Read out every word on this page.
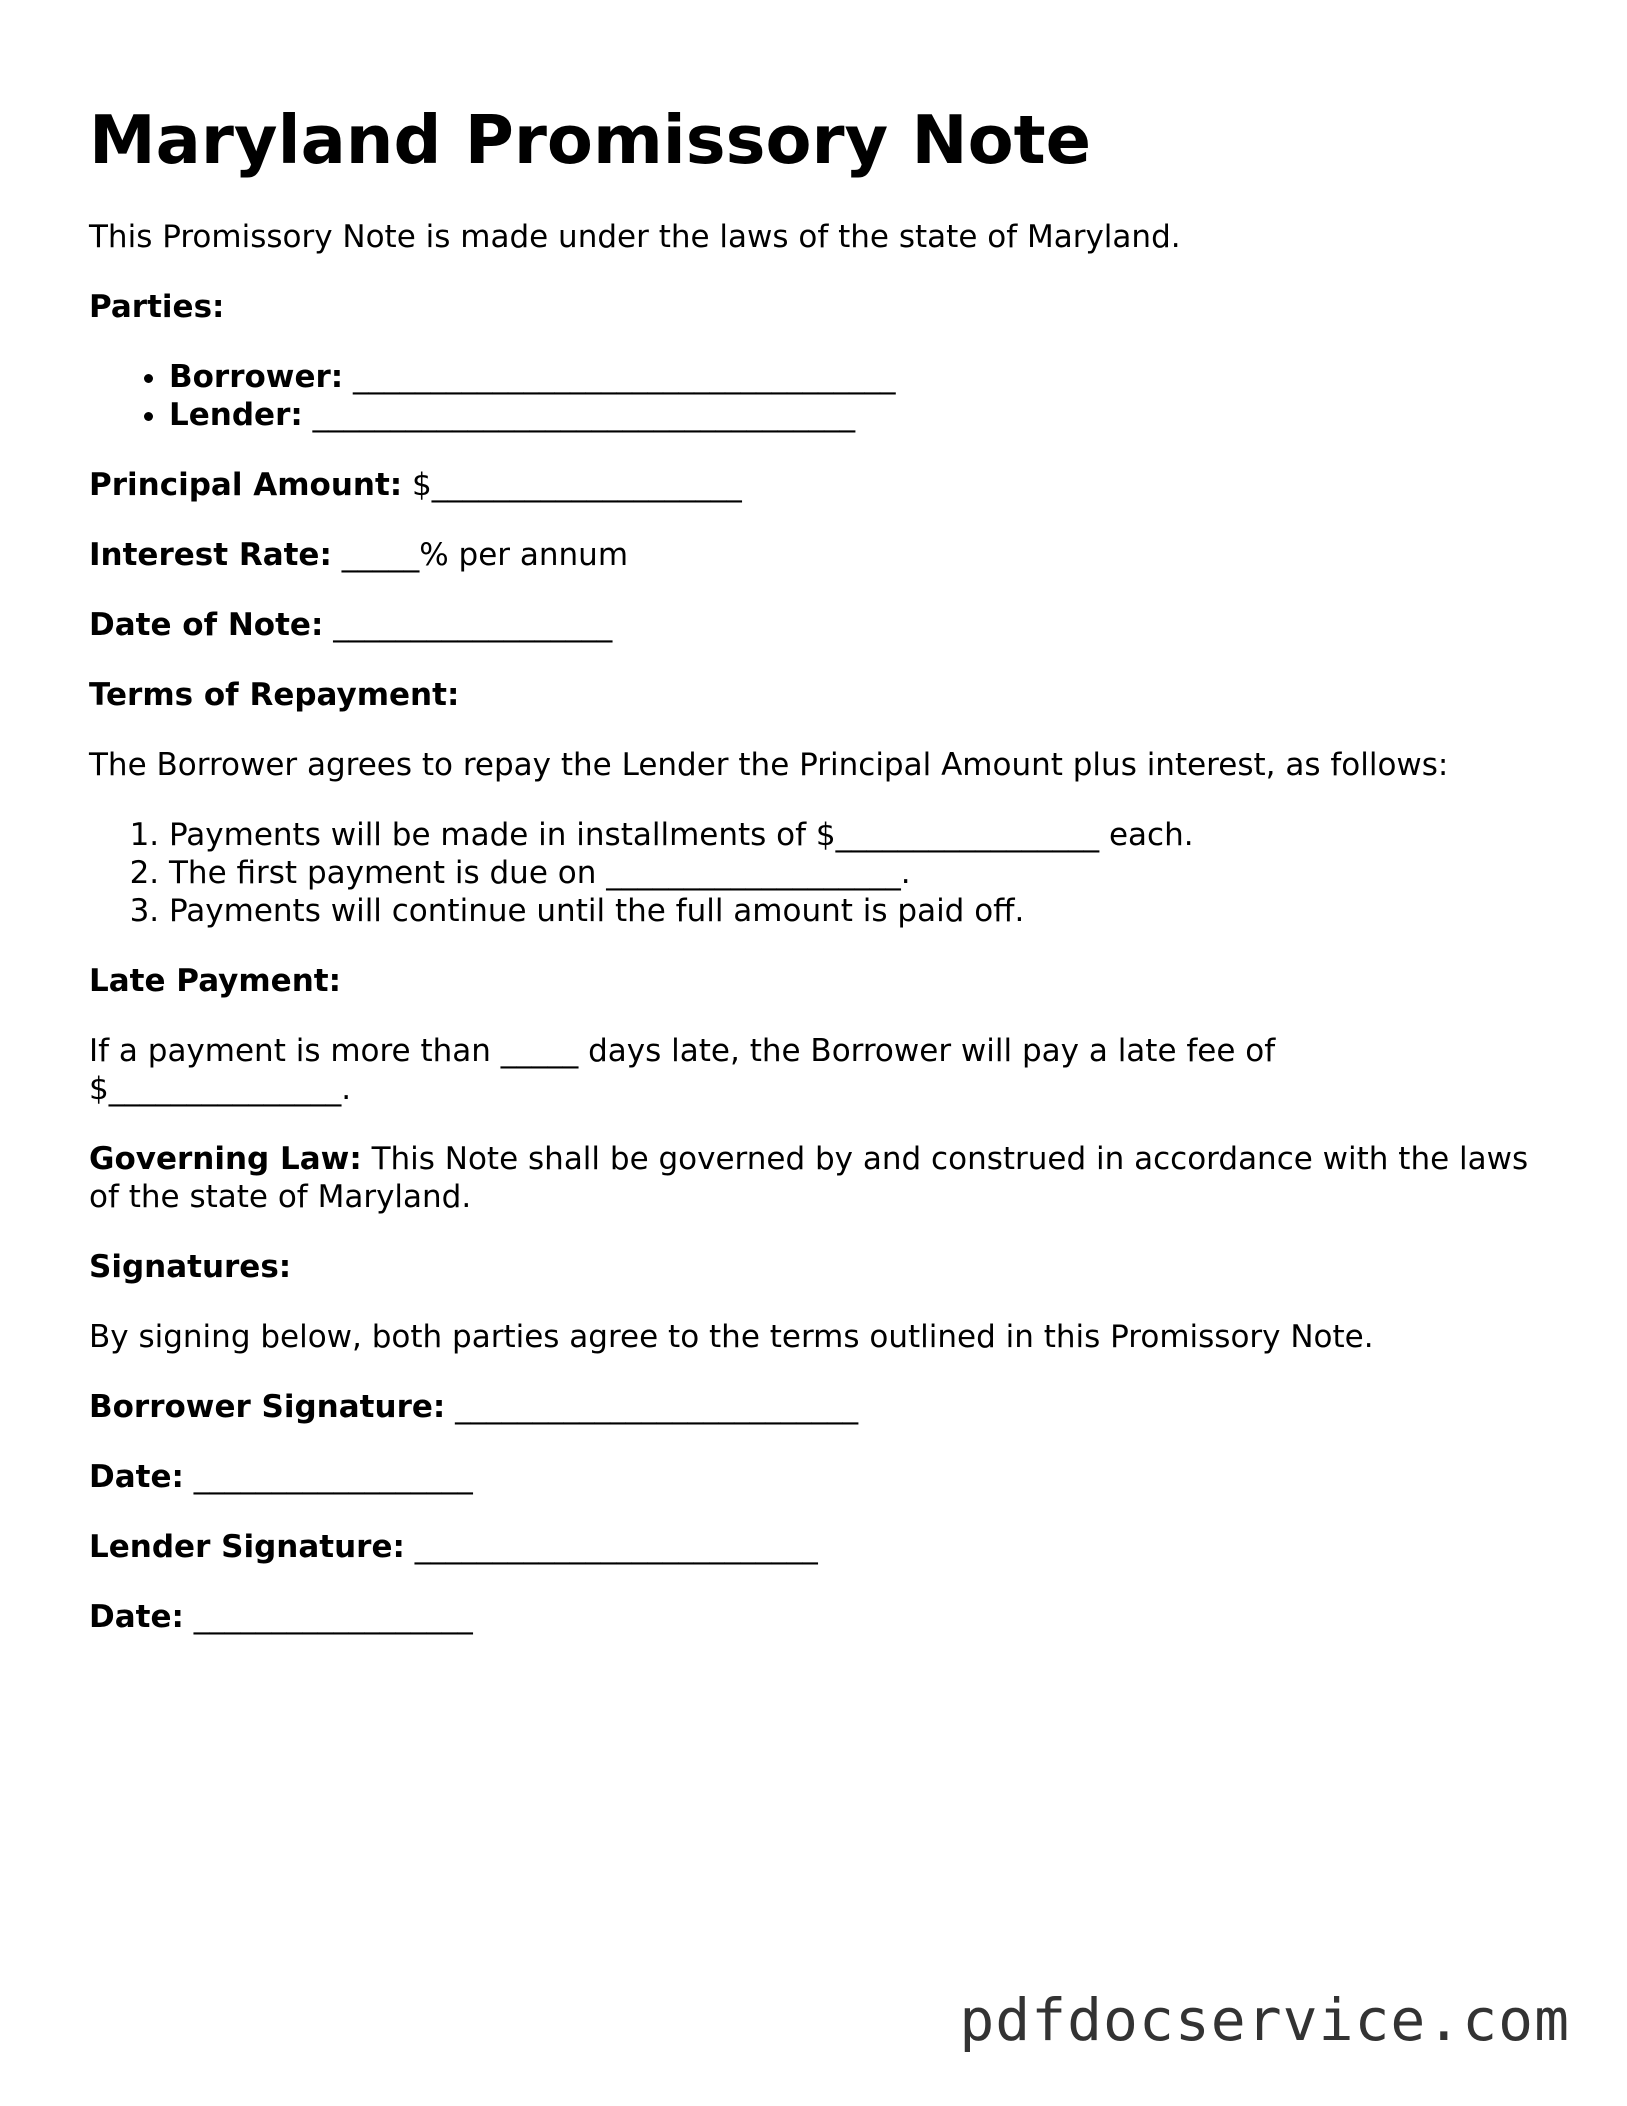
Maryland Promissory Note

This Promissory Note is made under the laws of the state of Maryland.

Parties:

• Borrower: ___________________________________
• Lender: ___________________________________

Principal Amount: $____________________

Interest Rate: _____% per annum

Date of Note: __________________

Terms of Repayment:

The Borrower agrees to repay the Lender the Principal Amount plus interest, as follows:

1. Payments will be made in installments of $_________________ each.
2. The first payment is due on ___________________.
3. Payments will continue until the full amount is paid off.

Late Payment:

If a payment is more than _____ days late, the Borrower will pay a late fee of $_______________.

Governing Law: This Note shall be governed by and construed in accordance with the laws of the state of Maryland.

Signatures:

By signing below, both parties agree to the terms outlined in this Promissory Note.

Borrower Signature: __________________________

Date: __________________

Lender Signature: __________________________

Date: __________________

pdfdocservice.com
